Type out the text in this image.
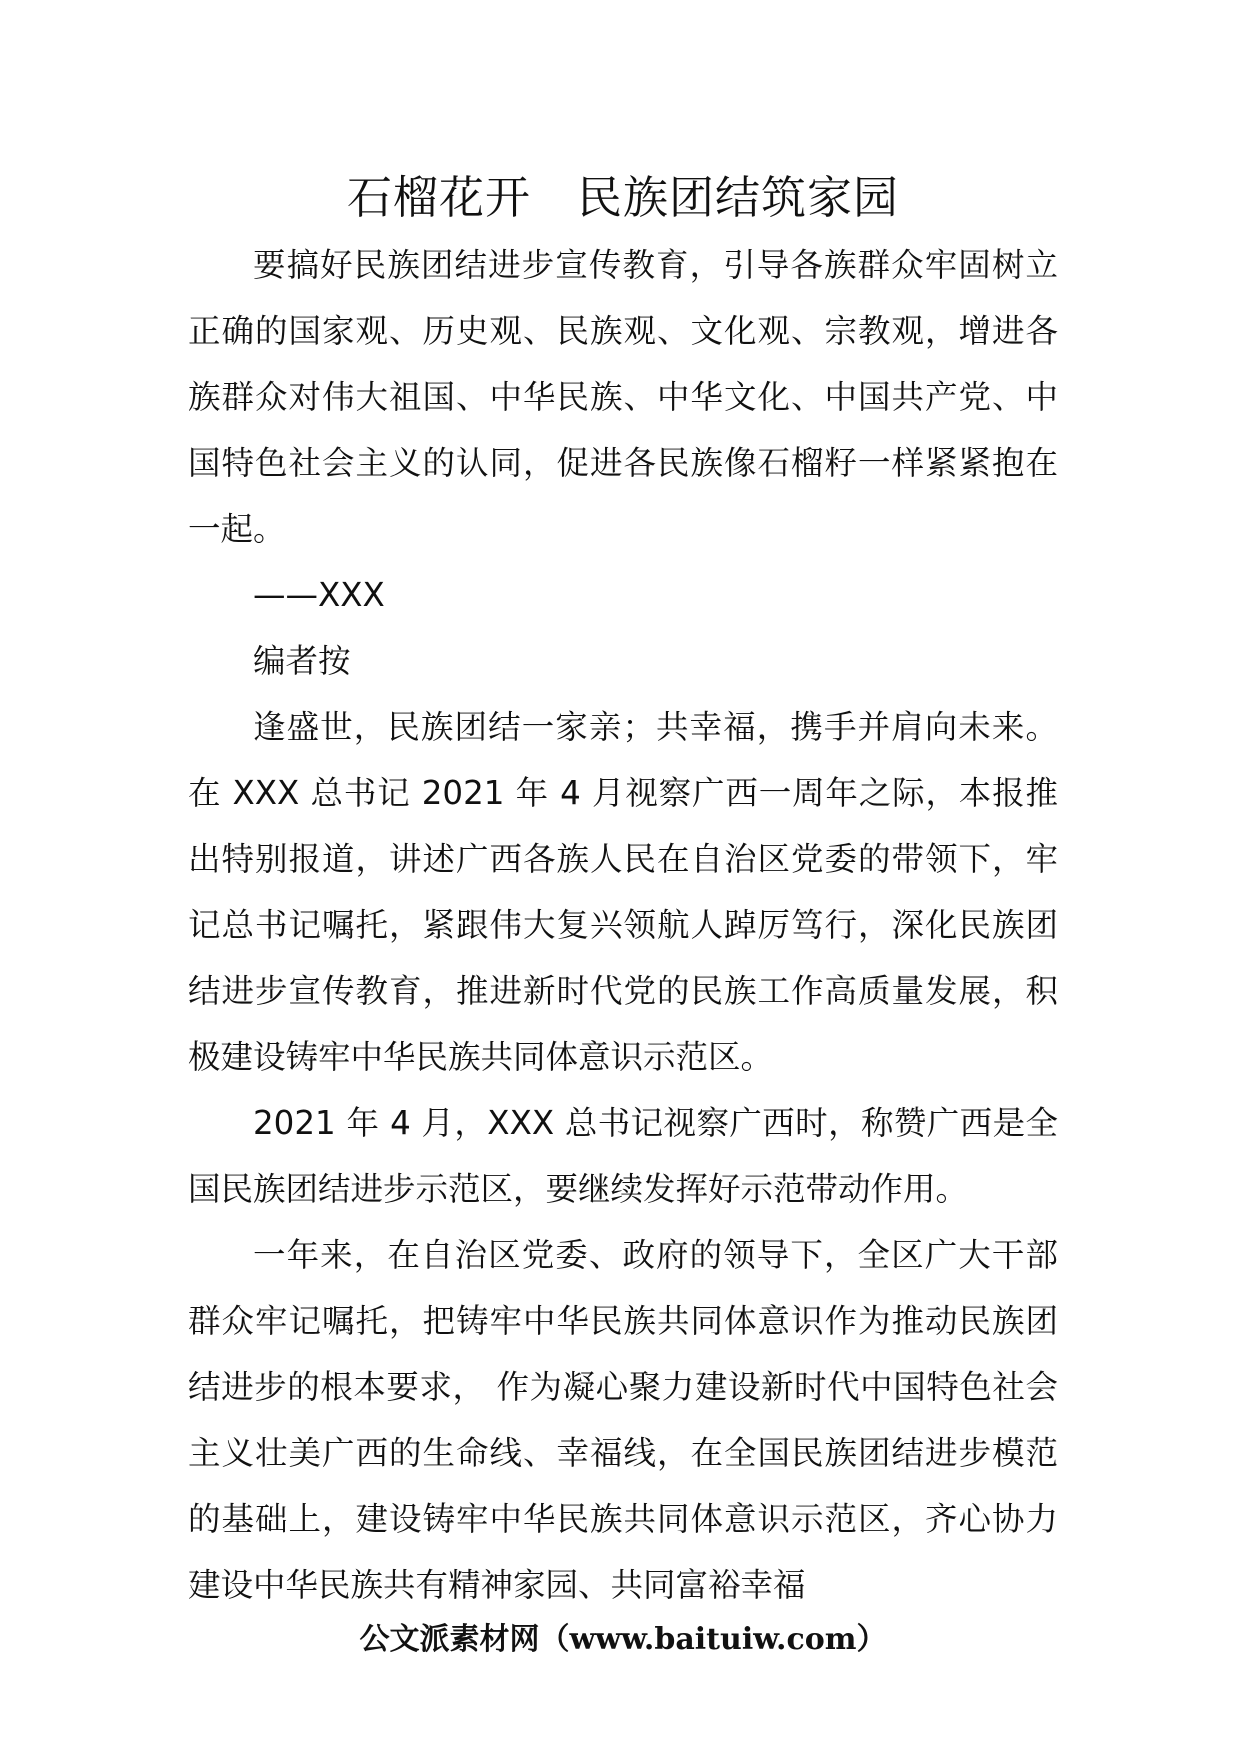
石榴花开　民族团结筑家园

要搞好民族团结进步宣传教育，引导各族群众牢固树立正确的国家观、历史观、民族观、文化观、宗教观，增进各族群众对伟大祖国、中华民族、中华文化、中国共产党、中国特色社会主义的认同，促进各民族像石榴籽一样紧紧抱在一起。

——XXX

编者按

逢盛世，民族团结一家亲；共幸福，携手并肩向未来。在 XXX 总书记 2021 年 4 月视察广西一周年之际，本报推出特别报道，讲述广西各族人民在自治区党委的带领下，牢记总书记嘱托，紧跟伟大复兴领航人踔厉笃行，深化民族团结进步宣传教育，推进新时代党的民族工作高质量发展，积极建设铸牢中华民族共同体意识示范区。

2021 年 4 月，XXX 总书记视察广西时，称赞广西是全国民族团结进步示范区，要继续发挥好示范带动作用。

一年来，在自治区党委、政府的领导下，全区广大干部群众牢记嘱托，把铸牢中华民族共同体意识作为推动民族团结进步的根本要求， 作为凝心聚力建设新时代中国特色社会主义壮美广西的生命线、幸福线，在全国民族团结进步模范的基础上，建设铸牢中华民族共同体意识示范区，齐心协力建设中华民族共有精神家园、共同富裕幸福

公文派素材网（www.baituiw.com）
